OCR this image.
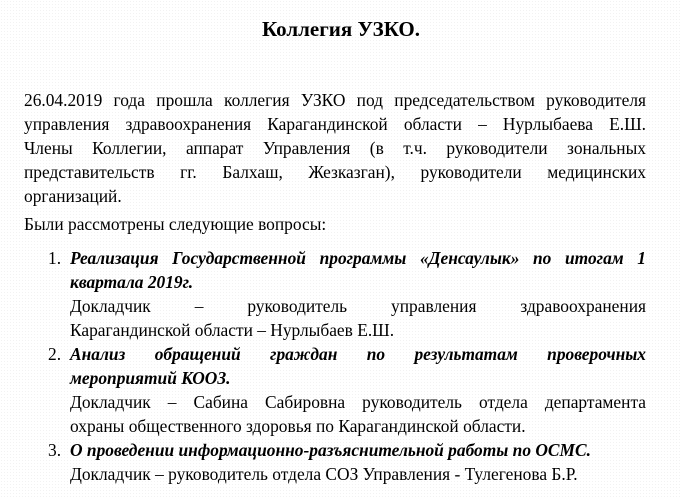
Коллегия УЗКО.
26.04.2019 года прошла коллегия УЗКО под председательством руководителя
управления здравоохранения Карагандинской области – Нурлыбаева Е.Ш.
Члены Коллегии, аппарат Управления (в т.ч. руководители зональных
представительств гг. Балхаш, Жезказган), руководители медицинских
организаций.

Были рассмотрены следующие вопросы:

1. Реализация Государственной программы «Денсаулык» по итогам 1
квартала 2019г.
Докладчик – руководитель управления здравоохранения
Карагандинской области – Нурлыбаев Е.Ш.
2. Анализ обращений граждан по результатам проверочных
мероприятий КООЗ.
Докладчик – Сабина Сабировна руководитель отдела департамента
охраны общественного здоровья по Карагандинской области.
3. О проведении информационно-разъяснительной работы по ОСМС.
Докладчик – руководитель отдела СОЗ Управления - Тулегенова Б.Р.
